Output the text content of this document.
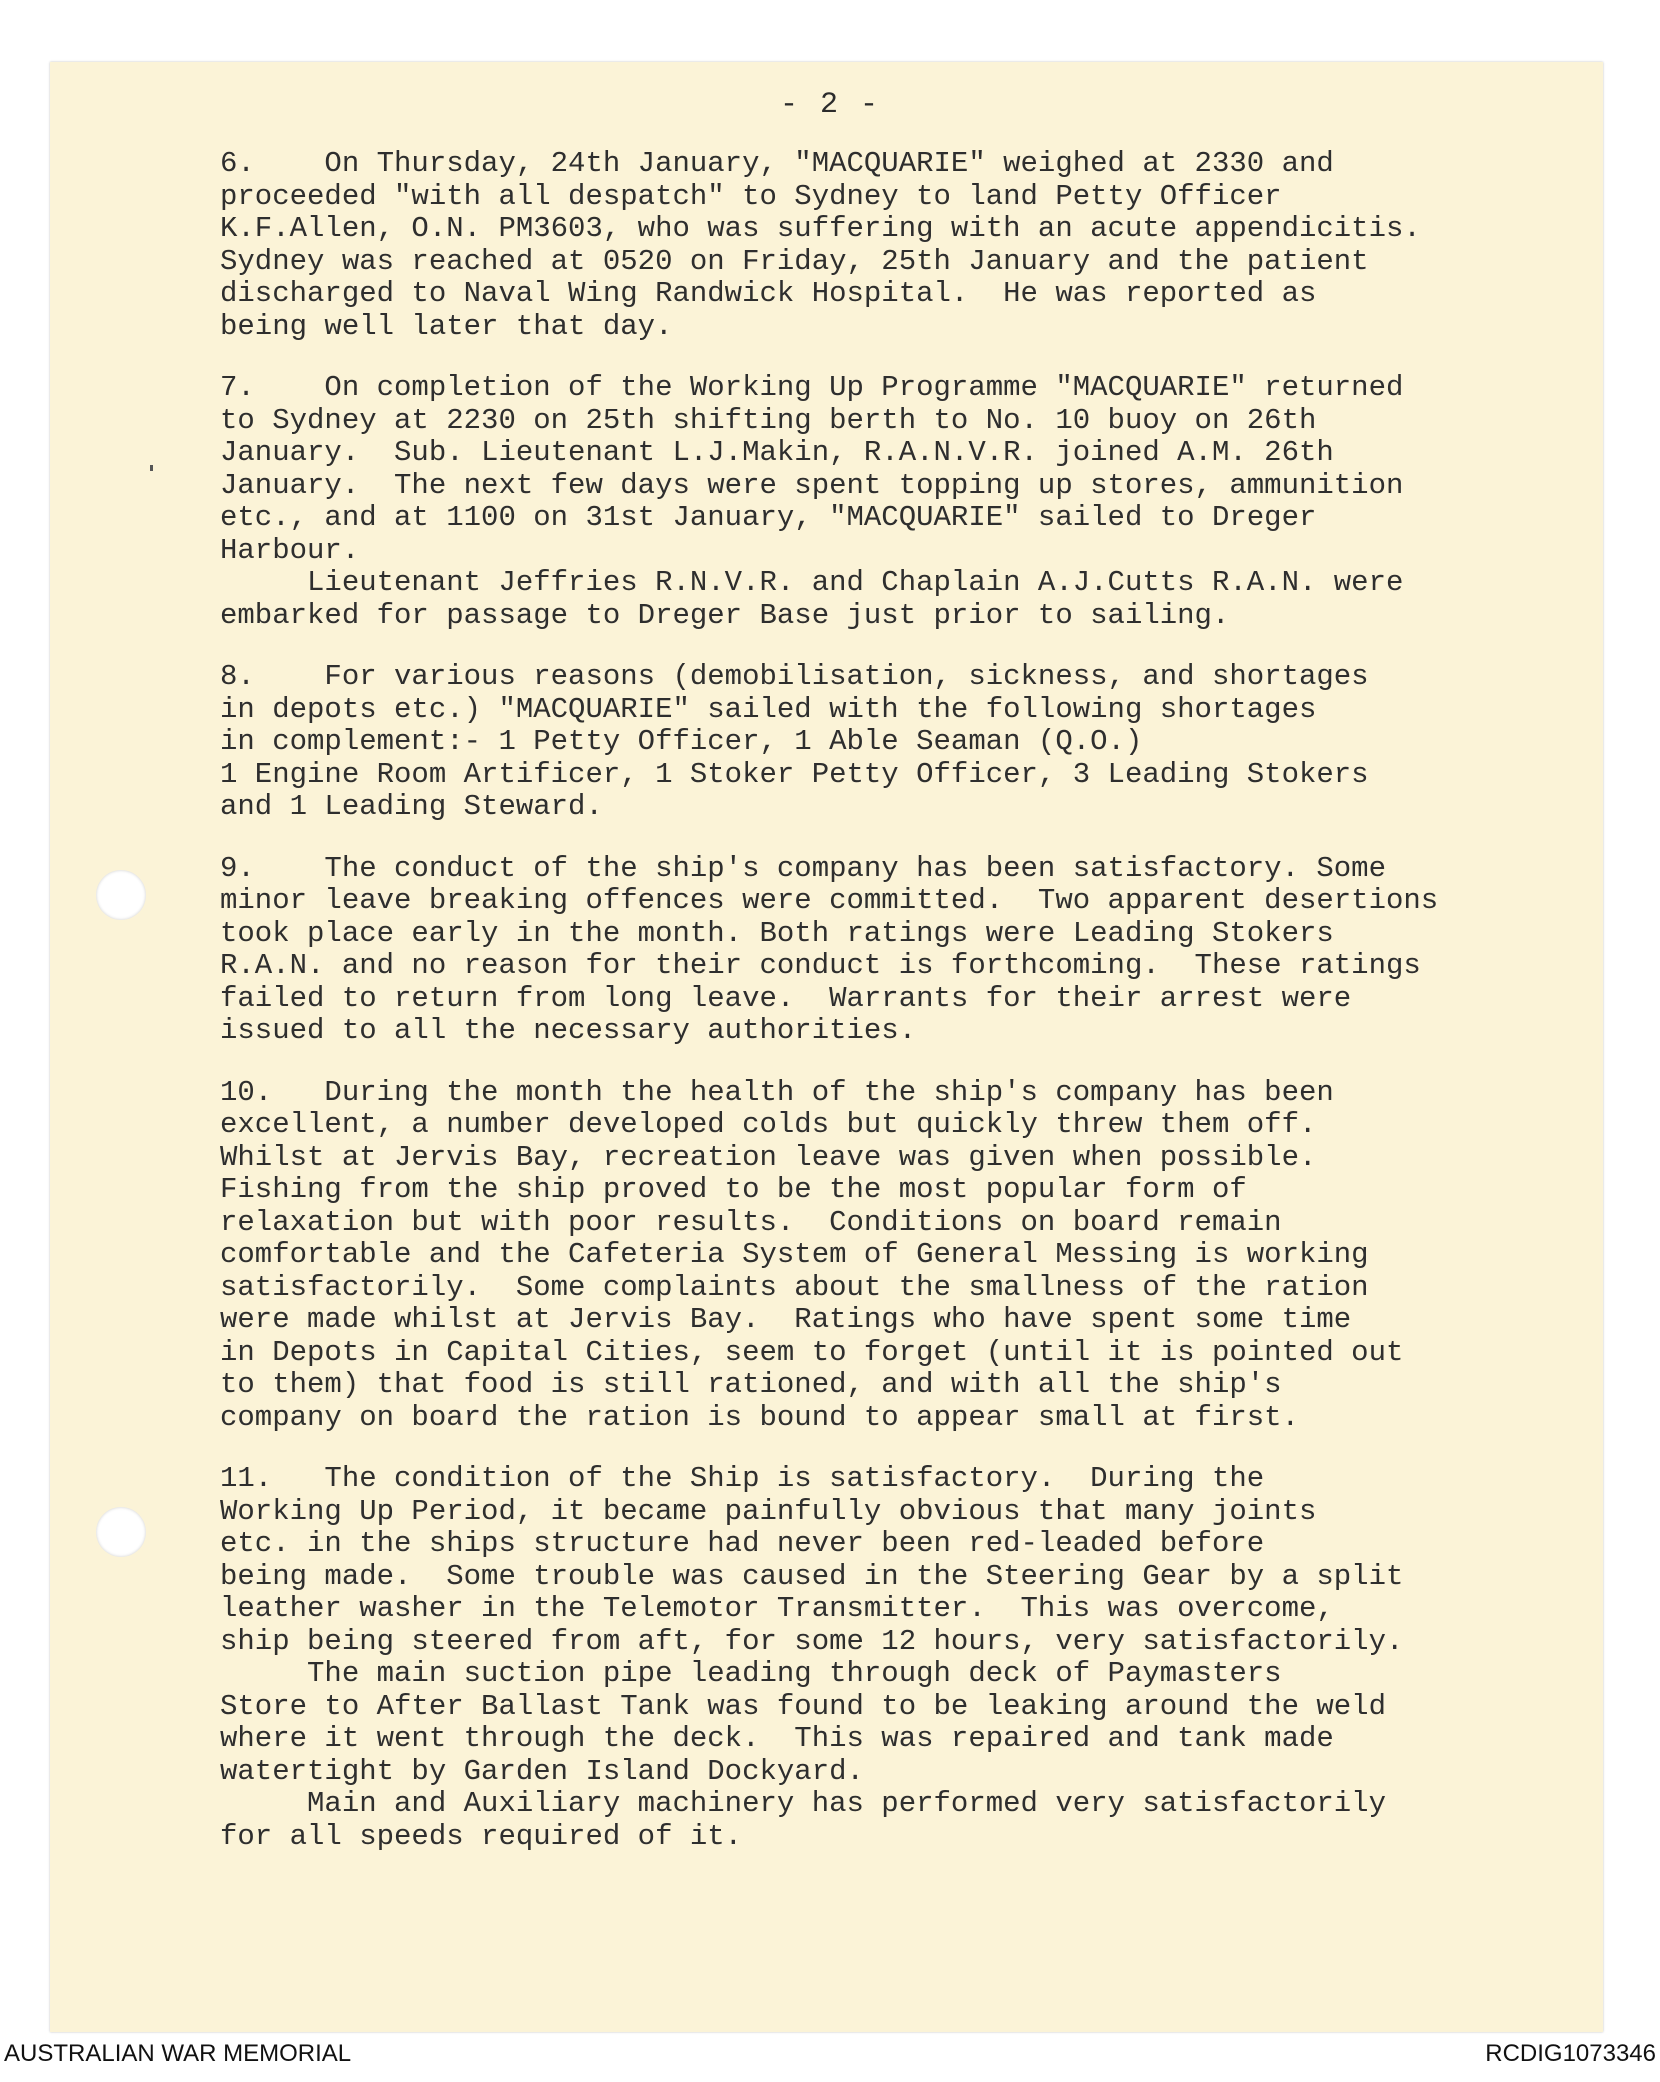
- 2 -
6.    On Thursday, 24th January, "MACQUARIE" weighed at 2330 and
proceeded "with all despatch" to Sydney to land Petty Officer
K.F.Allen, O.N. PM3603, who was suffering with an acute appendicitis.
Sydney was reached at 0520 on Friday, 25th January and the patient
discharged to Naval Wing Randwick Hospital.  He was reported as
being well later that day.
7.    On completion of the Working Up Programme "MACQUARIE" returned
to Sydney at 2230 on 25th shifting berth to No. 10 buoy on 26th
January.  Sub. Lieutenant L.J.Makin, R.A.N.V.R. joined A.M. 26th
January.  The next few days were spent topping up stores, ammunition
etc., and at 1100 on 31st January, "MACQUARIE" sailed to Dreger
Harbour.
Lieutenant Jeffries R.N.V.R. and Chaplain A.J.Cutts R.A.N. were
embarked for passage to Dreger Base just prior to sailing.
8.    For various reasons (demobilisation, sickness, and shortages
in depots etc.) "MACQUARIE" sailed with the following shortages
in complement:- 1 Petty Officer, 1 Able Seaman (Q.O.)
1 Engine Room Artificer, 1 Stoker Petty Officer, 3 Leading Stokers
and 1 Leading Steward.
9.    The conduct of the ship's company has been satisfactory. Some
minor leave breaking offences were committed.  Two apparent desertions
took place early in the month. Both ratings were Leading Stokers
R.A.N. and no reason for their conduct is forthcoming.  These ratings
failed to return from long leave.  Warrants for their arrest were
issued to all the necessary authorities.
10.   During the month the health of the ship's company has been
excellent, a number developed colds but quickly threw them off.
Whilst at Jervis Bay, recreation leave was given when possible.
Fishing from the ship proved to be the most popular form of
relaxation but with poor results.  Conditions on board remain
comfortable and the Cafeteria System of General Messing is working
satisfactorily.  Some complaints about the smallness of the ration
were made whilst at Jervis Bay.  Ratings who have spent some time
in Depots in Capital Cities, seem to forget (until it is pointed out
to them) that food is still rationed, and with all the ship's
company on board the ration is bound to appear small at first.
11.   The condition of the Ship is satisfactory.  During the
Working Up Period, it became painfully obvious that many joints
etc. in the ships structure had never been red-leaded before
being made.  Some trouble was caused in the Steering Gear by a split
leather washer in the Telemotor Transmitter.  This was overcome,
ship being steered from aft, for some 12 hours, very satisfactorily.
The main suction pipe leading through deck of Paymasters
Store to After Ballast Tank was found to be leaking around the weld
where it went through the deck.  This was repaired and tank made
watertight by Garden Island Dockyard.
Main and Auxiliary machinery has performed very satisfactorily
for all speeds required of it.
AUSTRALIAN WAR MEMORIAL	RCDIG1073346
